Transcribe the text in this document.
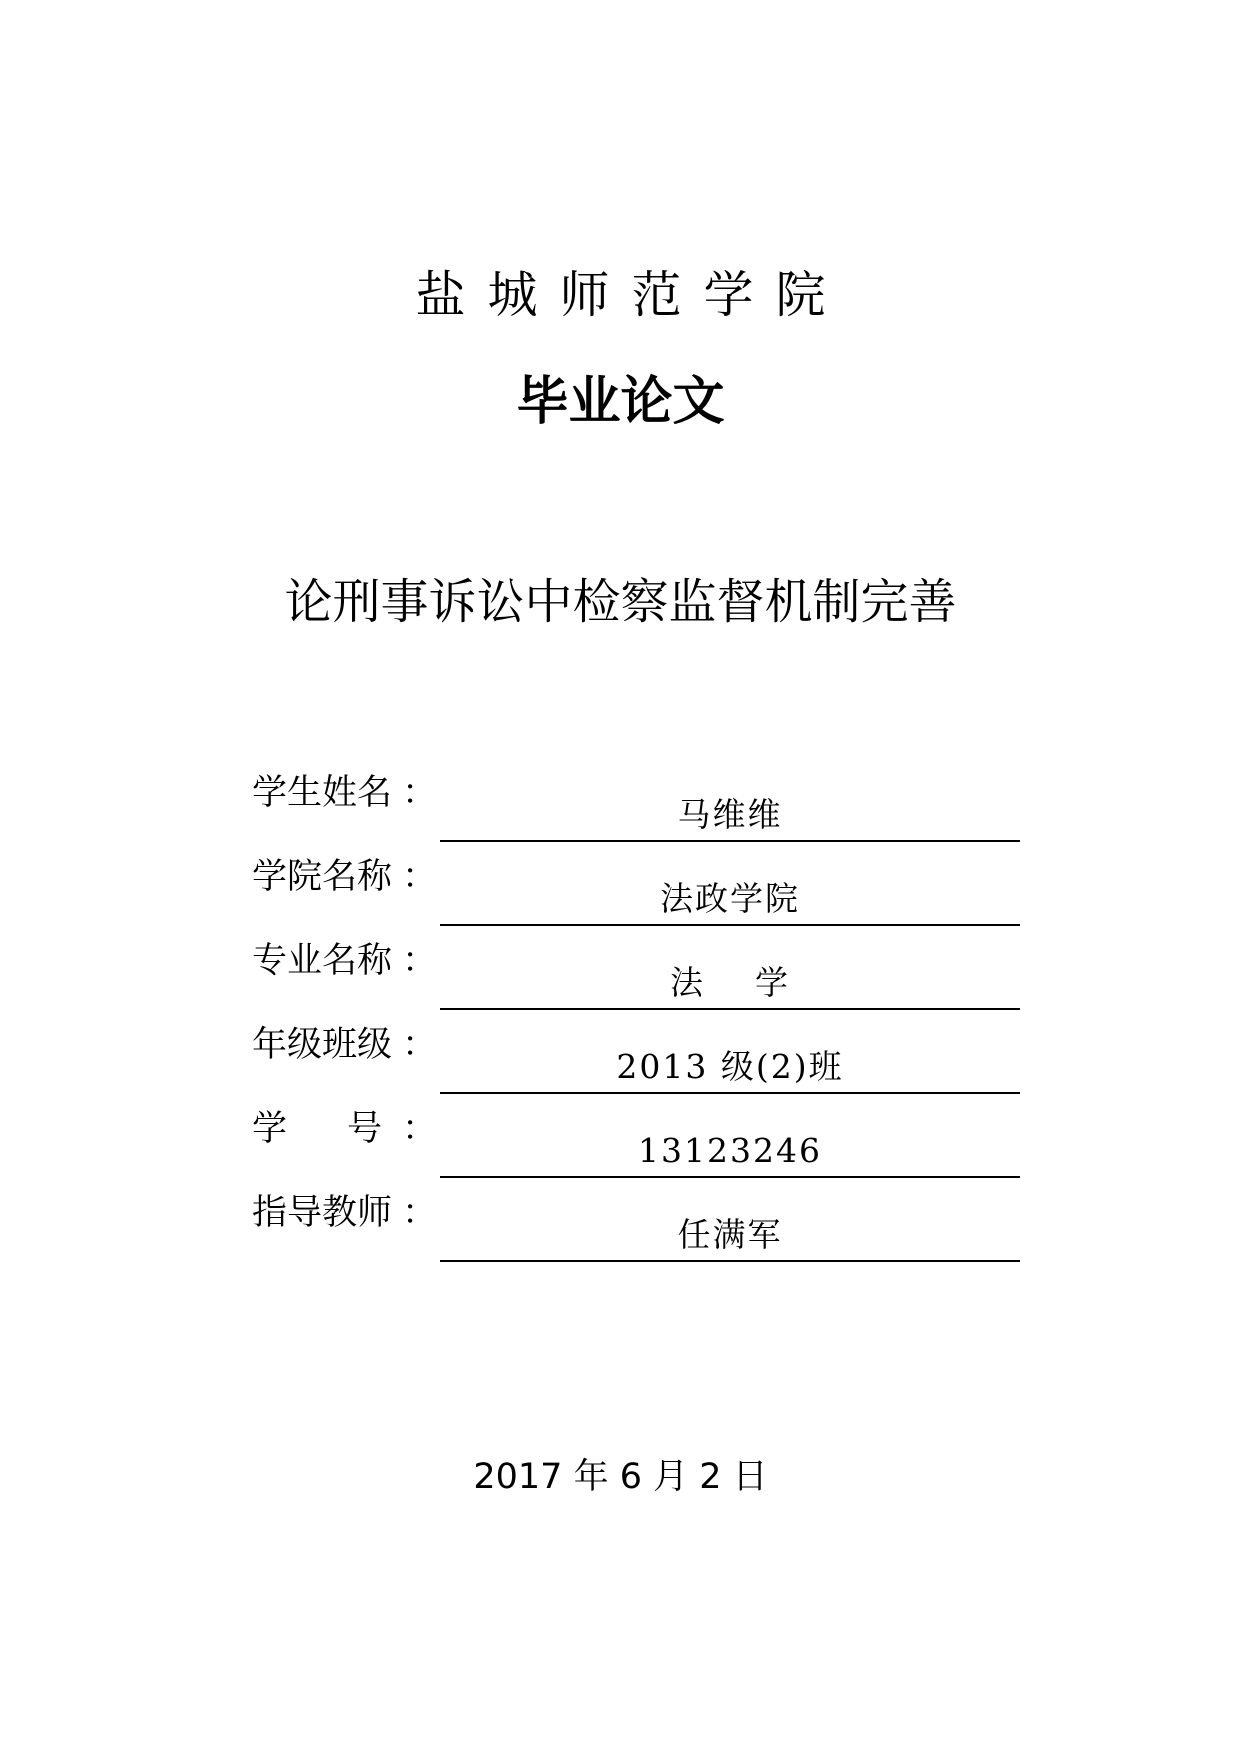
盐城师范学院
毕业论文
论刑事诉讼中检察监督机制完善
学生姓名 ：
马维维
学院名称 ：
法政学院
专业名称 ：
法    学
年级班级 ：
2013 级(2)班
学 号 ：
13123246
指导教师 ：
任满军
2017 年 6 月 2 日
